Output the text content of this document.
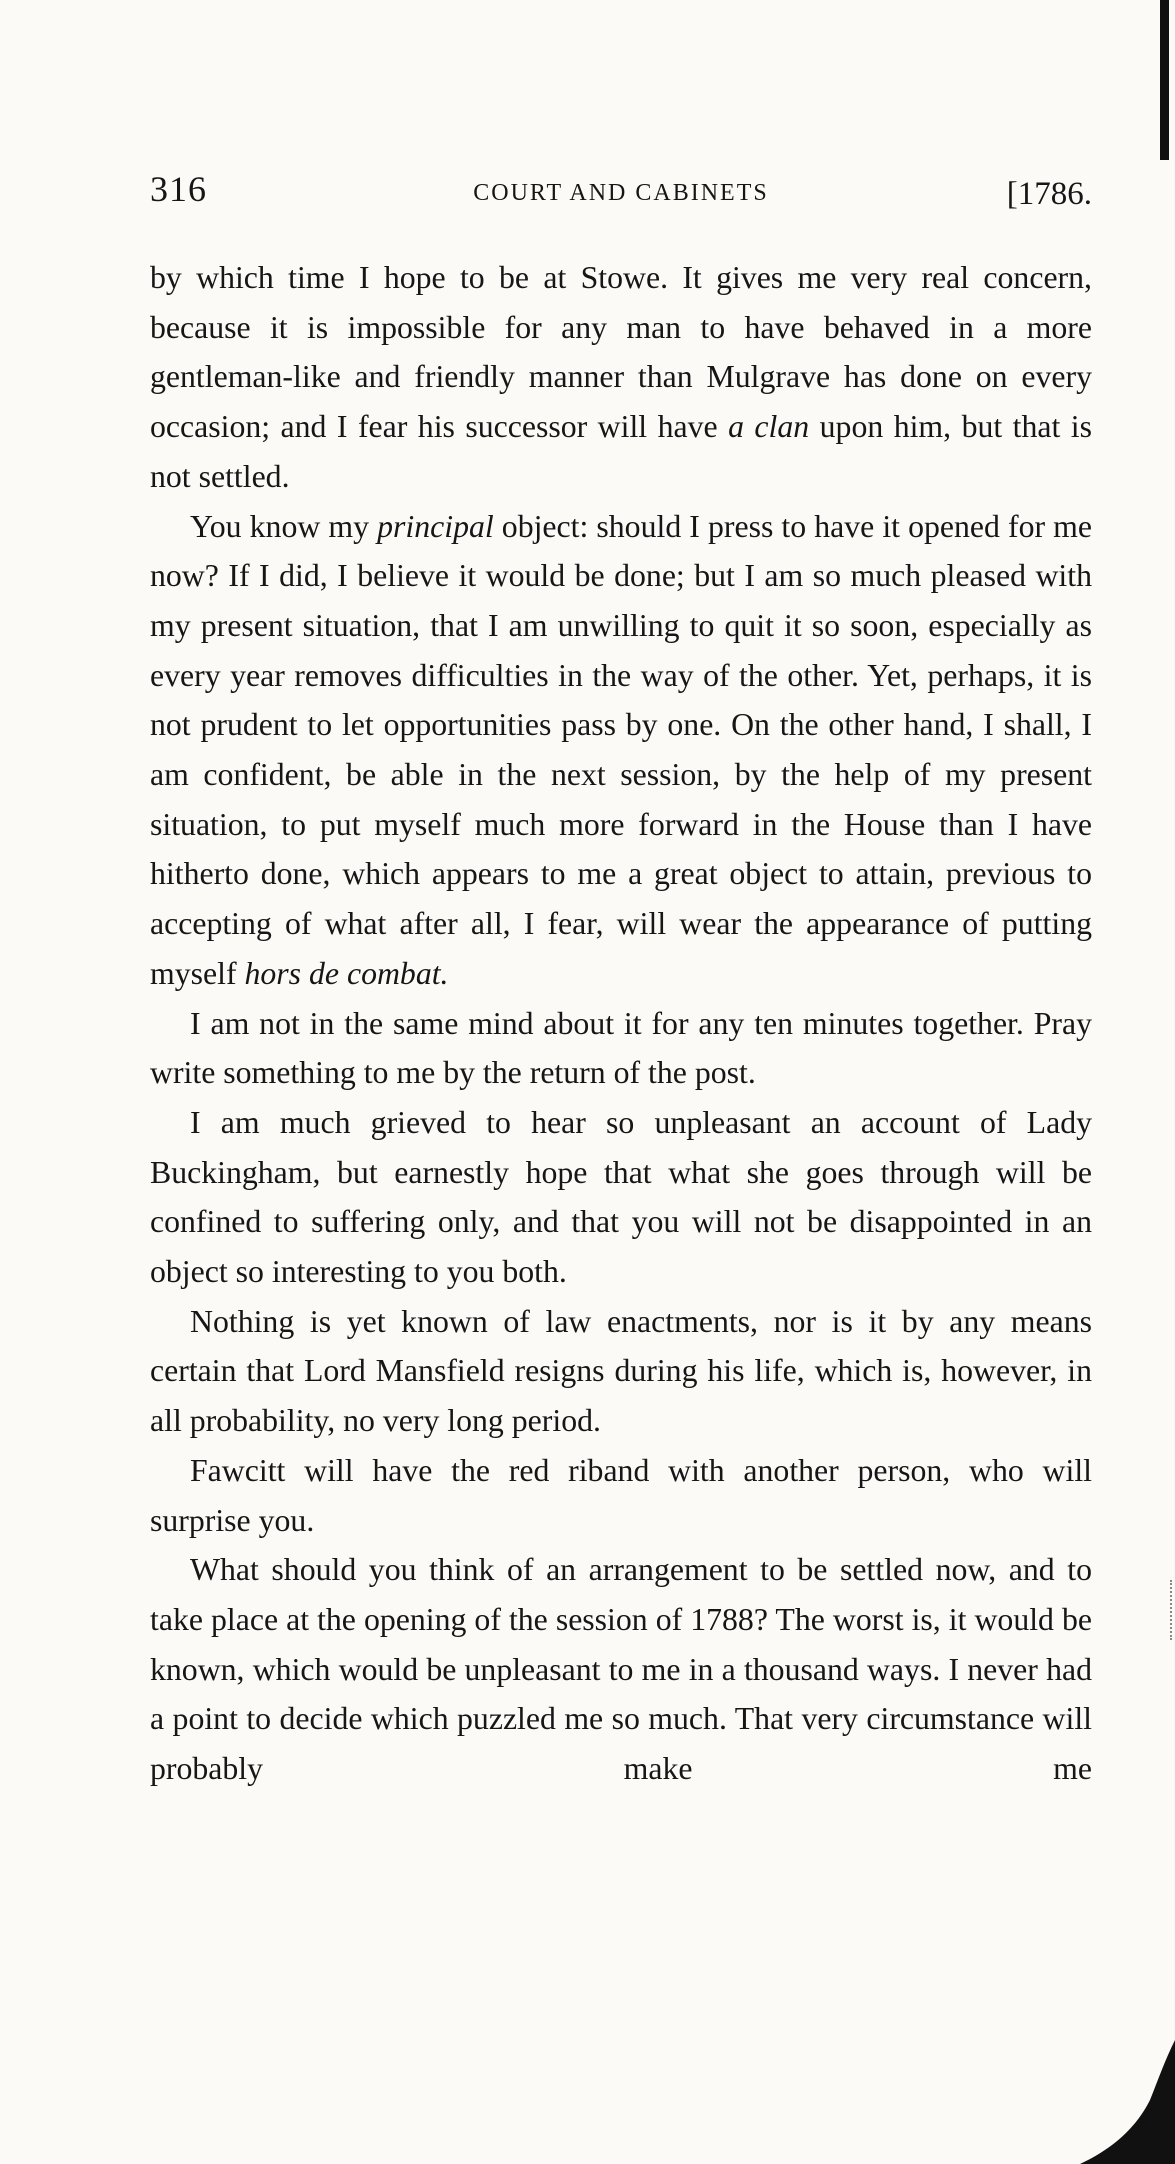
316	COURT AND CABINETS	[1786.

by which time I hope to be at Stowe. It gives me very real concern, because it is impossible for any man to have behaved in a more gentleman-like and friendly manner than Mulgrave has done on every occasion; and I fear his successor will have a clan upon him, but that is not settled.

You know my principal object: should I press to have it opened for me now? If I did, I believe it would be done; but I am so much pleased with my present situation, that I am unwilling to quit it so soon, especially as every year removes difficulties in the way of the other. Yet, perhaps, it is not prudent to let opportunities pass by one. On the other hand, I shall, I am confident, be able in the next session, by the help of my present situation, to put myself much more forward in the House than I have hitherto done, which appears to me a great object to attain, previous to accepting of what after all, I fear, will wear the appearance of putting myself hors de combat.

I am not in the same mind about it for any ten minutes together. Pray write something to me by the return of the post.

I am much grieved to hear so unpleasant an account of Lady Buckingham, but earnestly hope that what she goes through will be confined to suffering only, and that you will not be disappointed in an object so interesting to you both.

Nothing is yet known of law enactments, nor is it by any means certain that Lord Mansfield resigns during his life, which is, however, in all probability, no very long period.

Fawcitt will have the red riband with another person, who will surprise you.

What should you think of an arrangement to be settled now, and to take place at the opening of the session of 1788? The worst is, it would be known, which would be unpleasant to me in a thousand ways. I never had a point to decide which puzzled me so much. That very circumstance will probably make me
